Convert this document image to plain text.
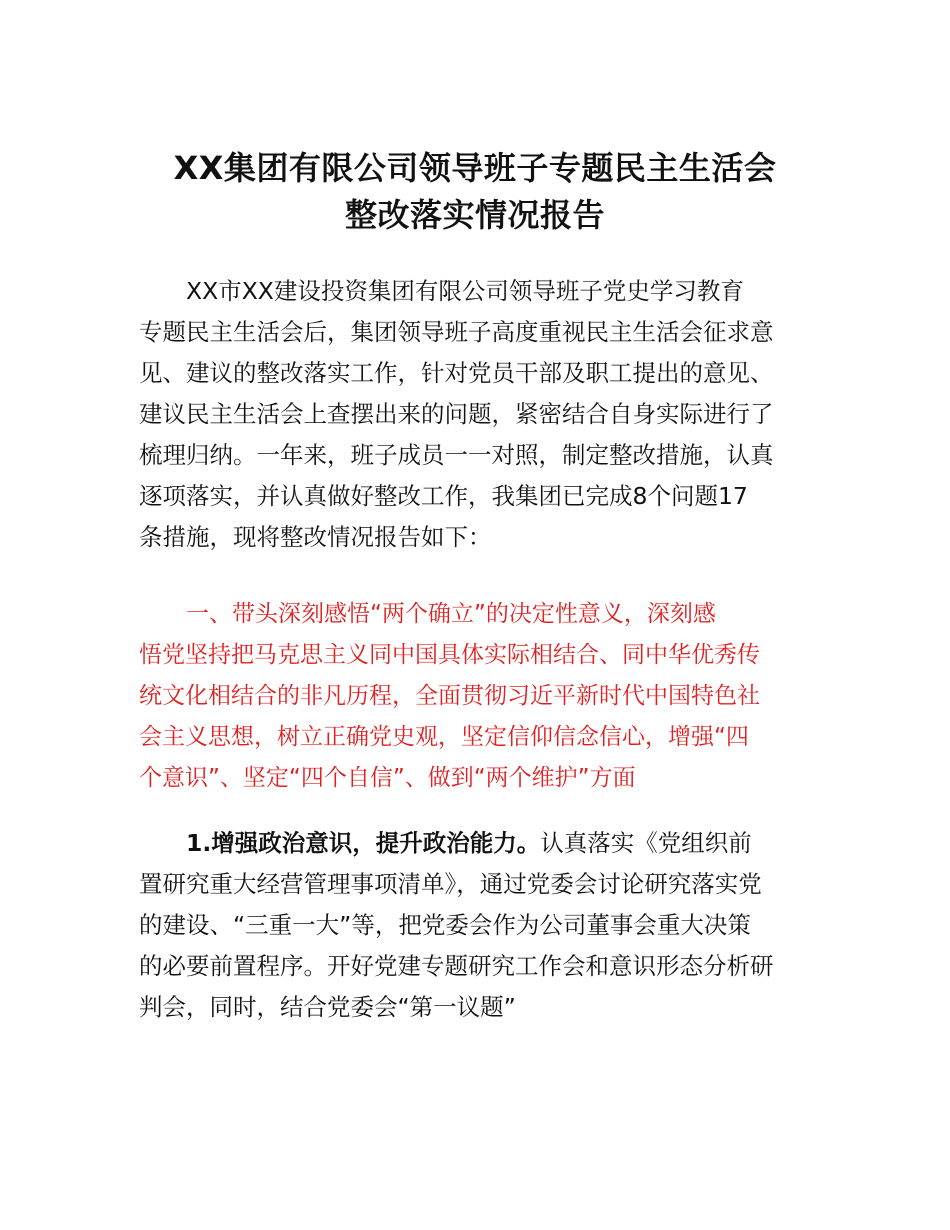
XX集团有限公司领导班子专题民主生活会
整改落实情况报告
XX市XX建设投资集团有限公司领导班子党史学习教育
专题民主生活会后，集团领导班子高度重视民主生活会征求意
见、建议的整改落实工作，针对党员干部及职工提出的意见、
建议民主生活会上查摆出来的问题，紧密结合自身实际进行了
梳理归纳。一年来，班子成员一一对照，制定整改措施，认真
逐项落实，并认真做好整改工作，我集团已完成8个问题17
条措施，现将整改情况报告如下：
一、带头深刻感悟“两个确立”的决定性意义，深刻感
悟党坚持把马克思主义同中国具体实际相结合、同中华优秀传
统文化相结合的非凡历程，全面贯彻习近平新时代中国特色社
会主义思想，树立正确党史观，坚定信仰信念信心，增强“四
个意识”、坚定“四个自信”、做到“两个维护”方面
1.增强政治意识，提升政治能力。认真落实《党组织前
置研究重大经营管理事项清单》，通过党委会讨论研究落实党
的建设、“三重一大”等，把党委会作为公司董事会重大决策
的必要前置程序。开好党建专题研究工作会和意识形态分析研
判会，同时，结合党委会“第一议题”
